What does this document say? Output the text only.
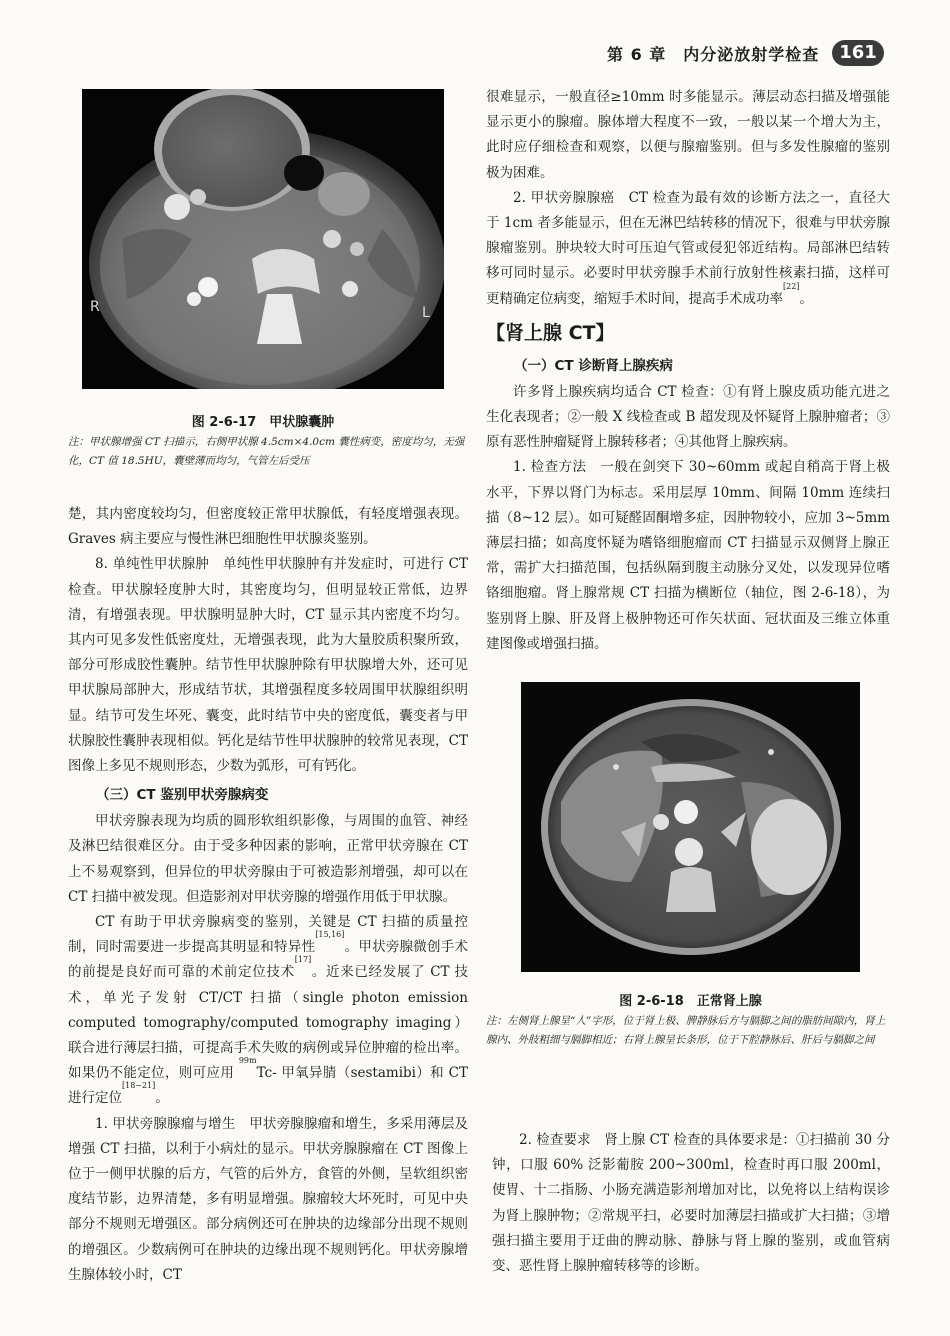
第 6 章　内分泌放射学检查	161
R	L
图 2-6-17　甲状腺囊肿
注：甲状腺增强 CT 扫描示，右侧甲状腺 4.5cm×4.0cm 囊性病变，密度均匀，无强化，CT 值 18.5HU，囊壁薄而均匀，气管左后受压

楚，其内密度较均匀，但密度较正常甲状腺低，有轻度增强表现。Graves 病主要应与慢性淋巴细胞性甲状腺炎鉴别。

8. 单纯性甲状腺肿　单纯性甲状腺肿有并发症时，可进行 CT 检查。甲状腺轻度肿大时，其密度均匀，但明显较正常低，边界清，有增强表现。甲状腺明显肿大时，CT 显示其内密度不均匀。其内可见多发性低密度灶，无增强表现，此为大量胶质积聚所致，部分可形成胶性囊肿。结节性甲状腺肿除有甲状腺增大外，还可见甲状腺局部肿大，形成结节状，其增强程度多较周围甲状腺组织明显。结节可发生坏死、囊变，此时结节中央的密度低，囊变者与甲状腺胶性囊肿表现相似。钙化是结节性甲状腺肿的较常见表现，CT 图像上多见不规则形态，少数为弧形，可有钙化。

（三）CT 鉴别甲状旁腺病变

甲状旁腺表现为均质的圆形软组织影像，与周围的血管、神经及淋巴结很难区分。由于受多种因素的影响，正常甲状旁腺在 CT 上不易观察到，但异位的甲状旁腺由于可被造影剂增强，却可以在 CT 扫描中被发现。但造影剂对甲状旁腺的增强作用低于甲状腺。

CT 有助于甲状旁腺病变的鉴别，关键是 CT 扫描的质量控制，同时需要进一步提高其明显和特异性[15,16]。甲状旁腺微创手术的前提是良好而可靠的术前定位技术[17]。近来已经发展了 CT 技术，单光子发射 CT/CT 扫描（single photon emission computed tomography/computed tomography imaging）联合进行薄层扫描，可提高手术失败的病例或异位肿瘤的检出率。如果仍不能定位，则可应用 $^{99m}$Tc- 甲氧异腈（sestamibi）和 CT 进行定位[18~21]。

1. 甲状旁腺腺瘤与增生　甲状旁腺腺瘤和增生，多采用薄层及增强 CT 扫描，以利于小病灶的显示。甲状旁腺腺瘤在 CT 图像上位于一侧甲状腺的后方，气管的后外方，食管的外侧，呈软组织密度结节影，边界清楚，多有明显增强。腺瘤较大坏死时，可见中央部分不规则无增强区。部分病例还可在肿块的边缘部分出现不规则的增强区。少数病例可在肿块的边缘出现不规则钙化。甲状旁腺增生腺体较小时，CT

很难显示，一般直径≥10mm 时多能显示。薄层动态扫描及增强能显示更小的腺瘤。腺体增大程度不一致，一般以某一个增大为主，此时应仔细检查和观察，以便与腺瘤鉴别。但与多发性腺瘤的鉴别极为困难。

2. 甲状旁腺腺癌　CT 检查为最有效的诊断方法之一，直径大于 1cm 者多能显示，但在无淋巴结转移的情况下，很难与甲状旁腺腺瘤鉴别。肿块较大时可压迫气管或侵犯邻近结构。局部淋巴结转移可同时显示。必要时甲状旁腺手术前行放射性核素扫描，这样可更精确定位病变，缩短手术时间，提高手术成功率[22]。

【肾上腺 CT】
（一）CT 诊断肾上腺疾病

许多肾上腺疾病均适合 CT 检查：①有肾上腺皮质功能亢进之生化表现者；②一般 X 线检查或 B 超发现及怀疑肾上腺肿瘤者；③原有恶性肿瘤疑肾上腺转移者；④其他肾上腺疾病。

1. 检查方法　一般在剑突下 30~60mm 或起自稍高于肾上极水平，下界以肾门为标志。采用层厚 10mm、间隔 10mm 连续扫描（8~12 层）。如可疑醛固酮增多症，因肿物较小，应加 3~5mm 薄层扫描；如高度怀疑为嗜铬细胞瘤而 CT 扫描显示双侧肾上腺正常，需扩大扫描范围，包括纵隔到腹主动脉分叉处，以发现异位嗜铬细胞瘤。肾上腺常规 CT 扫描为横断位（轴位，图 2-6-18），为鉴别肾上腺、肝及肾上极肿物还可作矢状面、冠状面及三维立体重建图像或增强扫描。

图 2-6-18　正常肾上腺
注：左侧肾上腺呈“人”字形，位于肾上极、脾静脉后方与膈脚之间的脂肪间隙内，肾上腺内、外肢粗细与膈脚相近；右肾上腺呈长条形，位于下腔静脉后、肝后与膈脚之间

2. 检查要求　肾上腺 CT 检查的具体要求是：①扫描前 30 分钟，口服 60% 泛影葡胺 200~300ml，检查时再口服 200ml，使胃、十二指肠、小肠充满造影剂增加对比，以免将以上结构误诊为肾上腺肿物；②常规平扫，必要时加薄层扫描或扩大扫描；③增强扫描主要用于迂曲的脾动脉、静脉与肾上腺的鉴别，或血管病变、恶性肾上腺肿瘤转移等的诊断。
